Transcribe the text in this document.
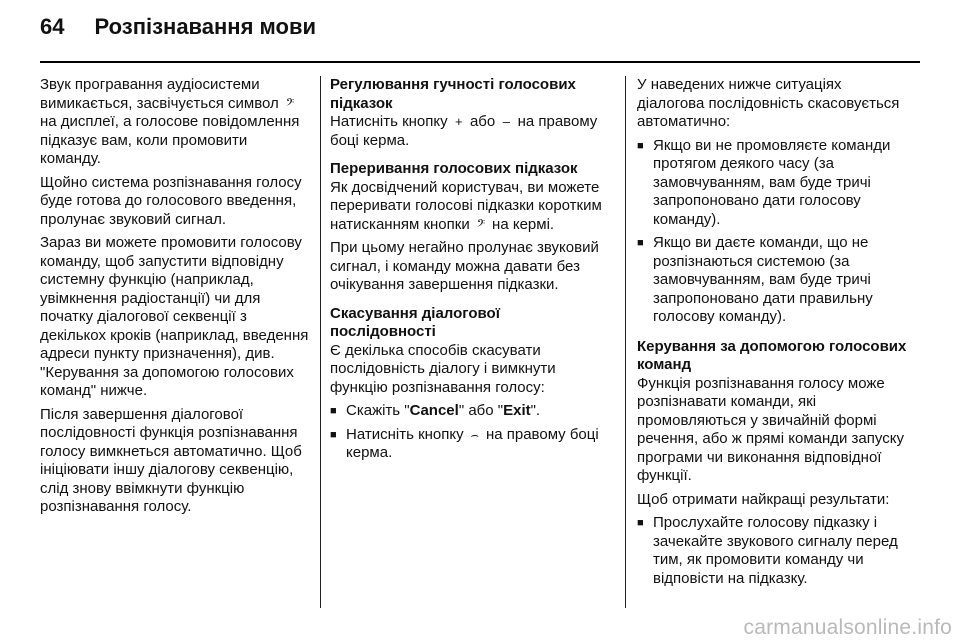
64 Розпізнавання мови

Звук програвання аудіосистеми вимикається, засвічується символ 𝄢 на дисплеї, а голосове повідомлення підказує вам, коли промовити команду.

Щойно система розпізнавання голосу буде готова до голосового введення, пролунає звуковий сигнал.

Зараз ви можете промовити голосову команду, щоб запустити відповідну системну функцію (наприклад, увімкнення радіостанції) чи для початку діалогової секвенції з декількох кроків (наприклад, введення адреси пункту призначення), див. "Керування за допомогою голосових команд" нижче.

Після завершення діалогової послідовності функція розпізнавання голосу вимкнеться автоматично. Щоб ініціювати іншу діалогову секвенцію, слід знову ввімкнути функцію розпізнавання голосу.

Регулювання гучності голосових підказок

Натисніть кнопку + або – на правому боці керма.

Переривання голосових підказок

Як досвідчений користувач, ви можете переривати голосові підказки коротким натисканням кнопки 𝄢 на кермі.

При цьому негайно пролунає звуковий сигнал, і команду можна давати без очікування завершення підказки.

Скасування діалогової послідовності

Є декілька способів скасувати послідовність діалогу і вимкнути функцію розпізнавання голосу:

■ Скажіть "Cancel" або "Exit".
■ Натисніть кнопку ⌢ на правому боці керма.

У наведених нижче ситуаціях діалогова послідовність скасовується автоматично:

■ Якщо ви не промовляєте команди протягом деякого часу (за замовчуванням, вам буде тричі запропоновано дати голосову команду).
■ Якщо ви даєте команди, що не розпізнаються системою (за замовчуванням, вам буде тричі запропоновано дати правильну голосову команду).
Керування за допомогою голосових команд

Функція розпізнавання голосу може розпізнавати команди, які промовляються у звичайній формі речення, або ж прямі команди запуску програми чи виконання відповідної функції.

Щоб отримати найкращі результати:

■ Прослухайте голосову підказку і зачекайте звукового сигналу перед тим, як промовити команду чи відповісти на підказку.
carmanualsonline.info
